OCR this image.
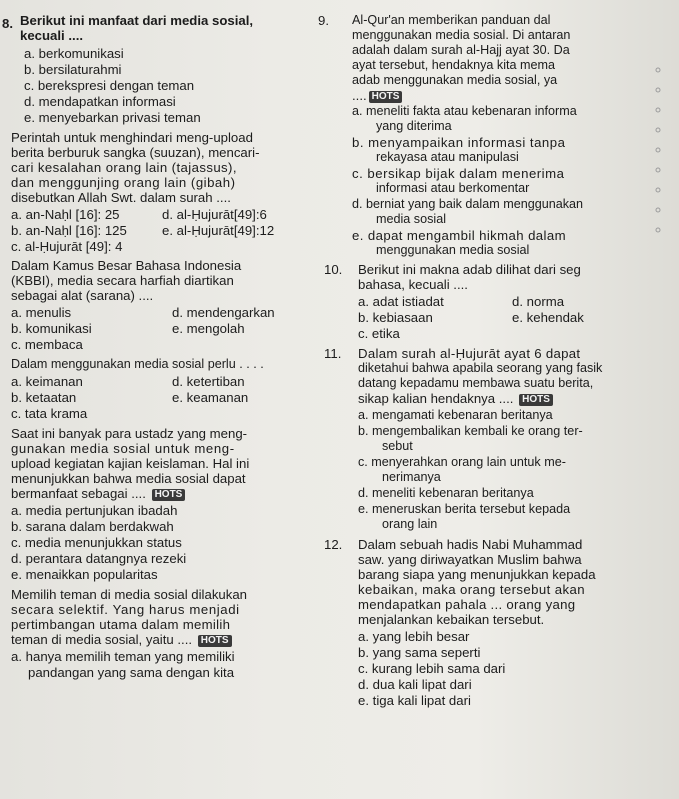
8. Berikut ini manfaat dari media sosial,
kecuali ....
a. berkomunikasi
b. bersilaturahmi
c. berekspresi dengan teman
d. mendapatkan informasi
e. menyebarkan privasi teman
Perintah untuk menghindari meng-upload
berita berburuk sangka (suuzan), mencari-
cari kesalahan orang lain (tajassus),
dan menggunjing orang lain (gibah)
disebutkan Allah Swt. dalam surah ....
a. an-Naḥl [16]: 25	d. al-Ḥujurāt[49]:6
b. an-Naḥl [16]: 125	e. al-Ḥujurāt[49]:12
c. al-Ḥujurāt [49]: 4
Dalam Kamus Besar Bahasa Indonesia
(KBBI), media secara harfiah diartikan
sebagai alat (sarana) ....
a. menulis	d. mendengarkan
b. komunikasi	e. mengolah
c. membaca
Dalam menggunakan media sosial perlu . . . .
a. keimanan	d. ketertiban
b. ketaatan	e. keamanan
c. tata krama
Saat ini banyak para ustadz yang meng-
gunakan media sosial untuk meng-
upload kegiatan kajian keislaman. Hal ini
menunjukkan bahwa media sosial dapat
bermanfaat sebagai .... HOTS
a. media pertunjukan ibadah
b. sarana dalam berdakwah
c. media menunjukkan status
d. perantara datangnya rezeki
e. menaikkan popularitas
Memilih teman di media sosial dilakukan
secara selektif. Yang harus menjadi
pertimbangan utama dalam memilih
teman di media sosial, yaitu .... HOTS
a. hanya memilih teman yang memiliki
pandangan yang sama dengan kita
9. Al-Qur'an memberikan panduan dal
menggunakan media sosial. Di antaran
adalah dalam surah al-Hajj ayat 30. Da
ayat tersebut, hendaknya kita mema
adab menggunakan media sosial, ya
.... HOTS
a. meneliti fakta atau kebenaran informa
yang diterima
b. menyampaikan informasi tanpa
rekayasa atau manipulasi
c. bersikap bijak dalam menerima
informasi atau berkomentar
d. berniat yang baik dalam menggunakan
media sosial
e. dapat mengambil hikmah dalam
menggunakan media sosial
10. Berikut ini makna adab dilihat dari seg
bahasa, kecuali ....
a. adat istiadat	d. norma
b. kebiasaan	e. kehendak
c. etika
11. Dalam surah al-Ḥujurāt ayat 6 dapat
diketahui bahwa apabila seorang yang fasik
datang kepadamu membawa suatu berita,
sikap kalian hendaknya .... HOTS
a. mengamati kebenaran beritanya
b. mengembalikan kembali ke orang ter-
sebut
c. menyerahkan orang lain untuk me-
nerimanya
d. meneliti kebenaran beritanya
e. meneruskan berita tersebut kepada
orang lain
12. Dalam sebuah hadis Nabi Muhammad
saw. yang diriwayatkan Muslim bahwa
barang siapa yang menunjukkan kepada
kebaikan, maka orang tersebut akan
mendapatkan pahala ... orang yang
menjalankan kebaikan tersebut.
a. yang lebih besar
b. yang sama seperti
c. kurang lebih sama dari
d. dua kali lipat dari
e. tiga kali lipat dari
